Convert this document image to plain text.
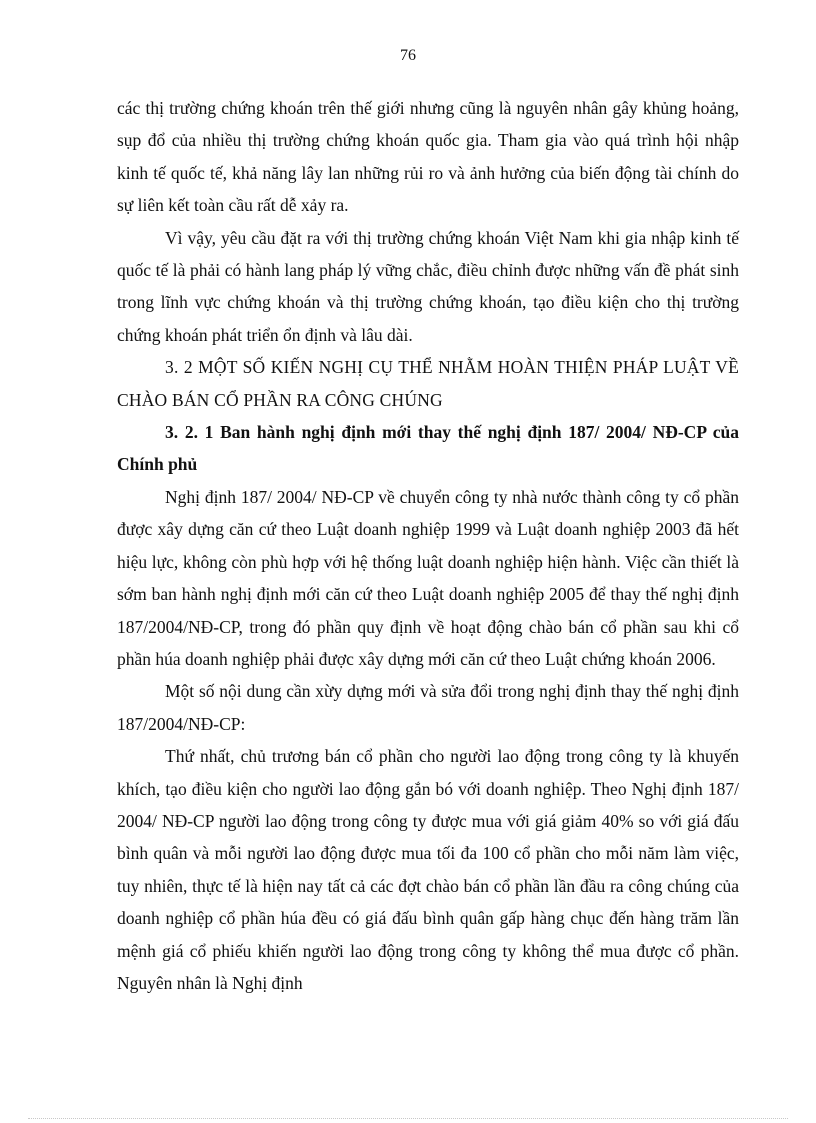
76

các thị trường chứng khoán trên thế giới nhưng cũng là nguyên nhân gây khủng hoảng, sụp đổ của nhiều thị trường chứng khoán quốc gia. Tham gia vào quá trình hội nhập kinh tế quốc tế, khả năng lây lan những rủi ro và ảnh hưởng của biến động tài chính do sự liên kết toàn cầu rất dễ xảy ra.

Vì vậy, yêu cầu đặt ra với thị trường chứng khoán Việt Nam khi gia nhập kinh tế quốc tế là phải có hành lang pháp lý vững chắc, điều chỉnh được những vấn đề phát sinh trong lĩnh vực chứng khoán và thị trường chứng khoán, tạo điều kiện cho thị trường chứng khoán phát triển ổn định và lâu dài.

3. 2 MỘT SỐ KIẾN NGHỊ CỤ THỂ NHẰM HOÀN THIỆN PHÁP LUẬT VỀ CHÀO BÁN CỔ PHẦN RA CÔNG CHÚNG

3. 2. 1 Ban hành nghị định mới thay thế nghị định 187/ 2004/ NĐ-CP của Chính phủ

Nghị định 187/ 2004/ NĐ-CP về chuyển công ty nhà nước thành công ty cổ phần được xây dựng căn cứ theo Luật doanh nghiệp 1999 và Luật doanh nghiệp 2003 đã hết hiệu lực, không còn phù hợp với hệ thống luật doanh nghiệp hiện hành. Việc cần thiết là sớm ban hành nghị định mới căn cứ theo Luật doanh nghiệp 2005 để thay thế nghị định 187/2004/NĐ-CP, trong đó phần quy định về hoạt động chào bán cổ phần sau khi cổ phần húa doanh nghiệp phải được xây dựng mới căn cứ theo Luật chứng khoán 2006.

Một số nội dung cần xừy dựng mới và sửa đổi trong nghị định thay thế nghị định 187/2004/NĐ-CP:

Thứ nhất, chủ trương bán cổ phần cho người lao động trong công ty là khuyến khích, tạo điều kiện cho người lao động gắn bó với doanh nghiệp. Theo Nghị định 187/ 2004/ NĐ-CP người lao động trong công ty được mua với giá giảm 40% so với giá đấu bình quân và mỗi người lao động được mua tối đa 100 cổ phần cho mỗi năm làm việc, tuy nhiên, thực tế là hiện nay tất cả các đợt chào bán cổ phần lần đầu ra công chúng của doanh nghiệp cổ phần húa đều có giá đấu bình quân gấp hàng chục đến hàng trăm lần mệnh giá cổ phiếu khiến người lao động trong công ty không thể mua được cổ phần. Nguyên nhân là Nghị định
